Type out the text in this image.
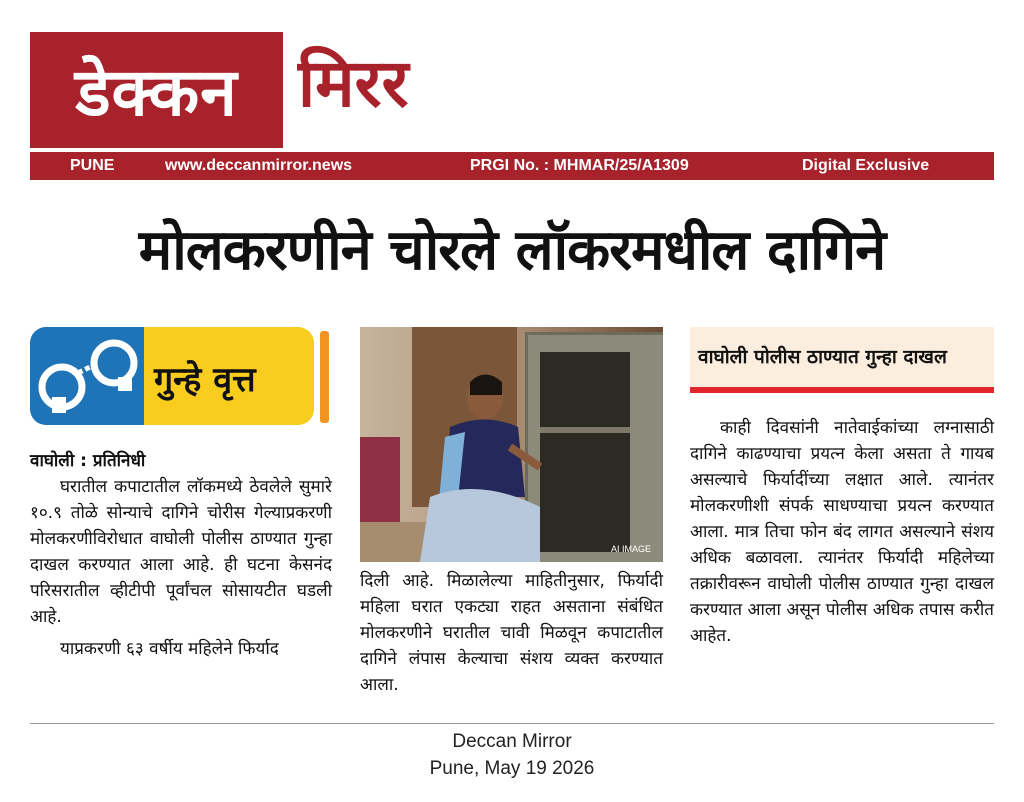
डेक्कन मिरर
PUNE	www.deccanmirror.news	PRGI No. : MHMAR/25/A1309	Digital Exclusive
मोलकरणीने चोरले लॉकरमधील दागिने
गुन्हे वृत्त

वाघोली : प्रतिनिधी

घरातील कपाटातील लॉकमध्ये ठेवलेले सुमारे १०.९ तोळे सोन्याचे दागिने चोरीस गेल्याप्रकरणी मोलकरणीविरोधात वाघोली पोलीस ठाण्यात गुन्हा दाखल करण्यात आला आहे. ही घटना केसनंद परिसरातील व्हीटीपी पूर्वांचल सोसायटीत घडली आहे.

याप्रकरणी ६३ वर्षीय महिलेने फिर्याद

AI IMAGE

दिली आहे. मिळालेल्या माहितीनुसार, फिर्यादी महिला घरात एकट्या राहत असताना संबंधित मोलकरणीने घरातील चावी मिळवून कपाटातील दागिने लंपास केल्याचा संशय व्यक्त करण्यात आला.

वाघोली पोलीस ठाण्यात गुन्हा दाखल

काही दिवसांनी नातेवाईकांच्या लग्नासाठी दागिने काढण्याचा प्रयत्न केला असता ते गायब असल्याचे फिर्यादींच्या लक्षात आले. त्यानंतर मोलकरणीशी संपर्क साधण्याचा प्रयत्न करण्यात आला. मात्र तिचा फोन बंद लागत असल्याने संशय अधिक बळावला. त्यानंतर फिर्यादी महिलेच्या तक्रारीवरून वाघोली पोलीस ठाण्यात गुन्हा दाखल करण्यात आला असून पोलीस अधिक तपास करीत आहेत.

Deccan Mirror
Pune, May 19 2026
